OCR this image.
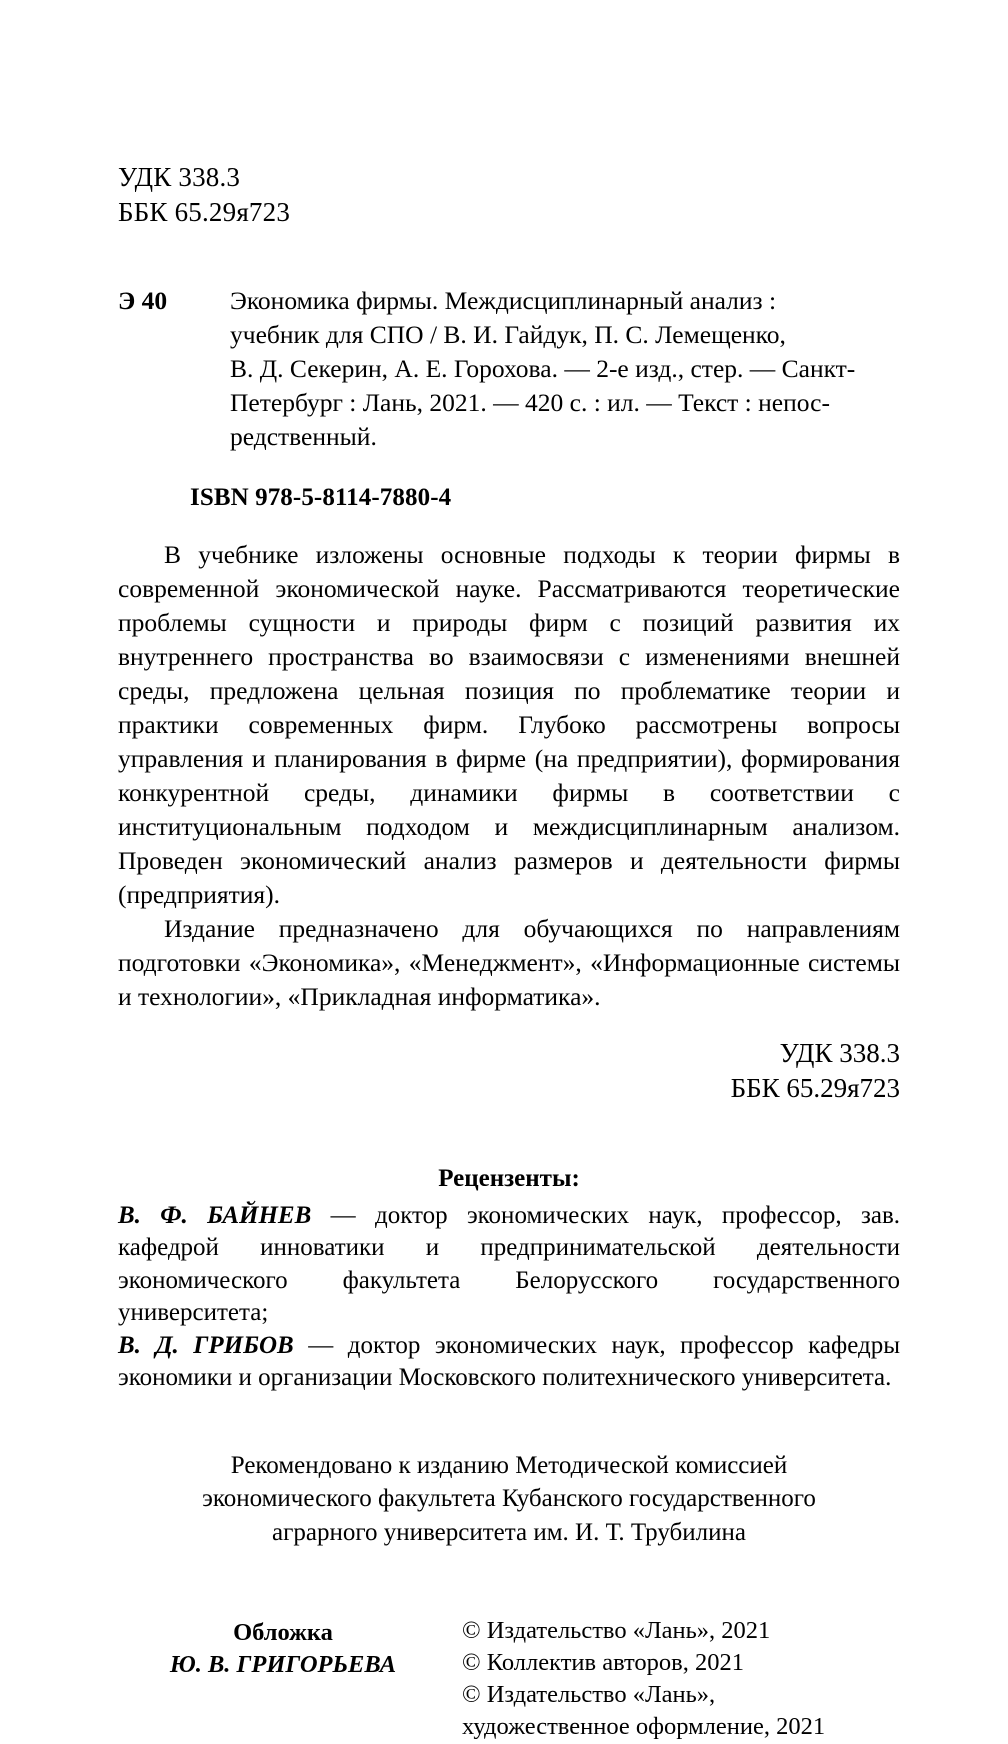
УДК 338.3
ББК 65.29я723
Э 40 Экономика фирмы. Междисциплинарный анализ :

учебник для СПО / В. И. Гайдук, П. С. Лемещенко,

В. Д. Секерин, А. Е. Горохова. — 2-е изд., стер. — Санкт-

Петербург : Лань, 2021. — 420 с. : ил. — Текст : непос-

редственный.

ISBN 978-5-8114-7880-4

В учебнике изложены основные подходы к теории фирмы в современной экономической науке. Рассматриваются теоретические проблемы сущности и природы фирм с позиций развития их внутреннего пространства во взаимосвязи с изменениями внешней среды, предложена цельная позиция по проблематике теории и практики современных фирм. Глубоко рассмотрены вопросы управления и планирования в фирме (на предприятии), формирования конкурентной среды, динамики фирмы в соответствии с институциональным подходом и междисциплинарным анализом. Проведен экономический анализ размеров и деятельности фирмы (предприятия).

Издание предназначено для обучающихся по направлениям подготовки «Экономика», «Менеджмент», «Информационные системы и технологии», «Прикладная информатика».

УДК 338.3
ББК 65.29я723
Рецензенты:

В. Ф. БАЙНЕВ — доктор экономических наук, профессор, зав. кафедрой инноватики и предпринимательской деятельности экономического факультета Белорусского государственного университета;

В. Д. ГРИБОВ — доктор экономических наук, профессор кафедры экономики и организации Московского политехнического университета.

Рекомендовано к изданию Методической комиссией
экономического факультета Кубанского государственного
аграрного университета им. И. Т. Трубилина
Обложка
Ю. В. ГРИГОРЬЕВА
© Издательство «Лань», 2021
© Коллектив авторов, 2021
© Издательство «Лань»,
художественное оформление, 2021
